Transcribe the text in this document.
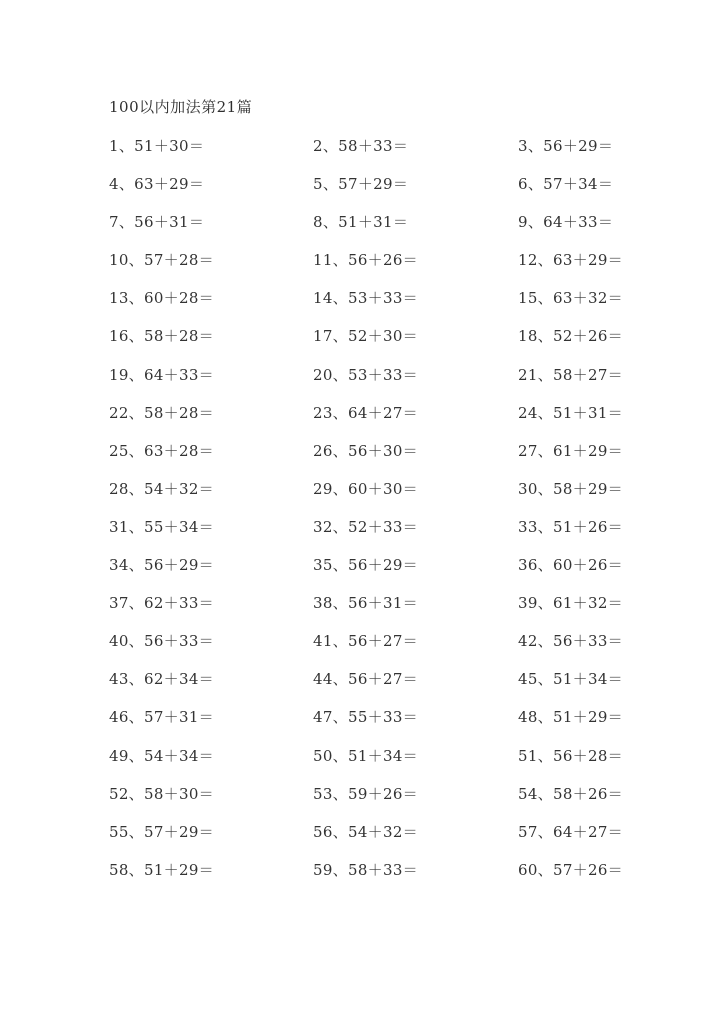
100以内加法第21篇
1、51＋30＝	2、58＋33＝	3、56＋29＝
4、63＋29＝	5、57＋29＝	6、57＋34＝
7、56＋31＝	8、51＋31＝	9、64＋33＝
10、57＋28＝	11、56＋26＝	12、63＋29＝
13、60＋28＝	14、53＋33＝	15、63＋32＝
16、58＋28＝	17、52＋30＝	18、52＋26＝
19、64＋33＝	20、53＋33＝	21、58＋27＝
22、58＋28＝	23、64＋27＝	24、51＋31＝
25、63＋28＝	26、56＋30＝	27、61＋29＝
28、54＋32＝	29、60＋30＝	30、58＋29＝
31、55＋34＝	32、52＋33＝	33、51＋26＝
34、56＋29＝	35、56＋29＝	36、60＋26＝
37、62＋33＝	38、56＋31＝	39、61＋32＝
40、56＋33＝	41、56＋27＝	42、56＋33＝
43、62＋34＝	44、56＋27＝	45、51＋34＝
46、57＋31＝	47、55＋33＝	48、51＋29＝
49、54＋34＝	50、51＋34＝	51、56＋28＝
52、58＋30＝	53、59＋26＝	54、58＋26＝
55、57＋29＝	56、54＋32＝	57、64＋27＝
58、51＋29＝	59、58＋33＝	60、57＋26＝
